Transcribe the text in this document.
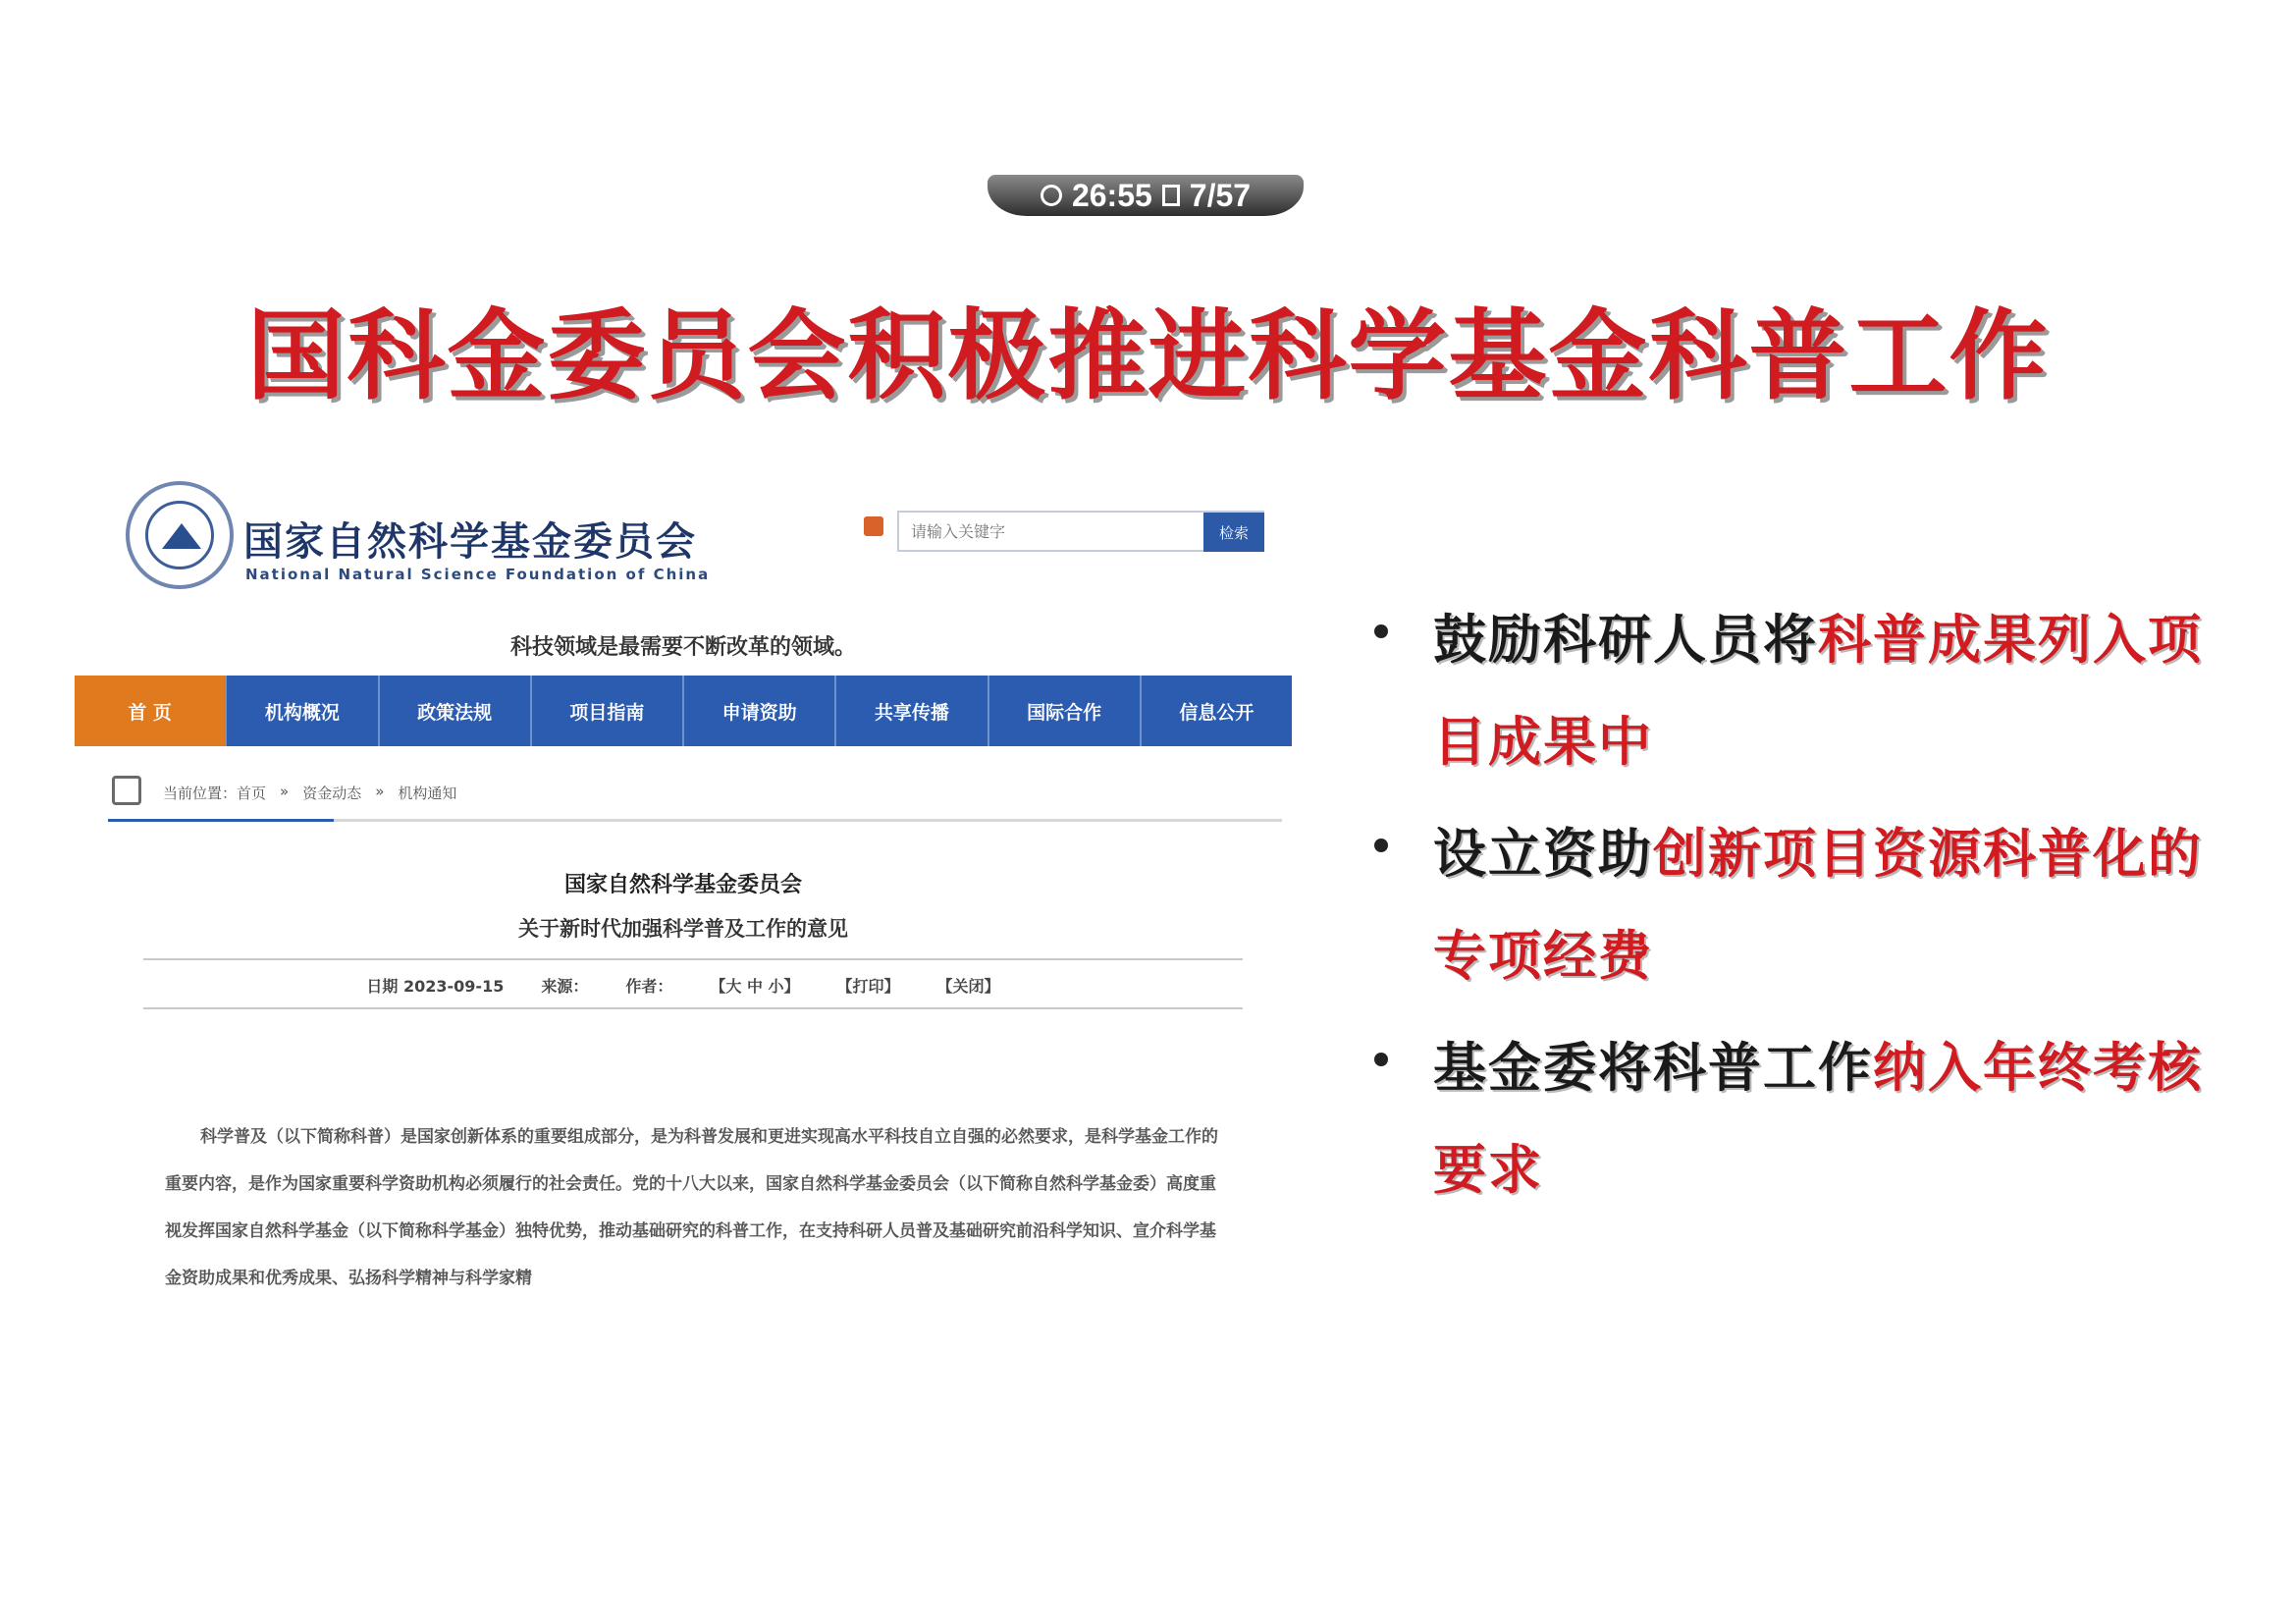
26:55 7/57
国科金委员会积极推进科学基金科普工作
国家自然科学基金委员会
National Natural Science Foundation of China
请输入关键字
检索
科技领域是最需要不断改革的领域。
首 页	机构概况	政策法规	项目指南	申请资助	共享传播	国际合作	信息公开
当前位置：首页 » 资金动态 » 机构通知
国家自然科学基金委员会
关于新时代加强科学普及工作的意见
日期 2023-09-15 来源： 作者： 【大 中 小】 【打印】 【关闭】
科学普及（以下简称科普）是国家创新体系的重要组成部分，是为科普发展和更进实现高水平科技自立自强的必然要求，是科学基金工作的重要内容，是作为国家重要科学资助机构必须履行的社会责任。党的十八大以来，国家自然科学基金委员会（以下简称自然科学基金委）高度重视发挥国家自然科学基金（以下简称科学基金）独特优势，推动基础研究的科普工作，在支持科研人员普及基础研究前沿科学知识、宣介科学基金资助成果和优秀成果、弘扬科学精神与科学家精
鼓励科研人员将科普成果列入项目成果中
设立资助创新项目资源科普化的专项经费
基金委将科普工作纳入年终考核要求
